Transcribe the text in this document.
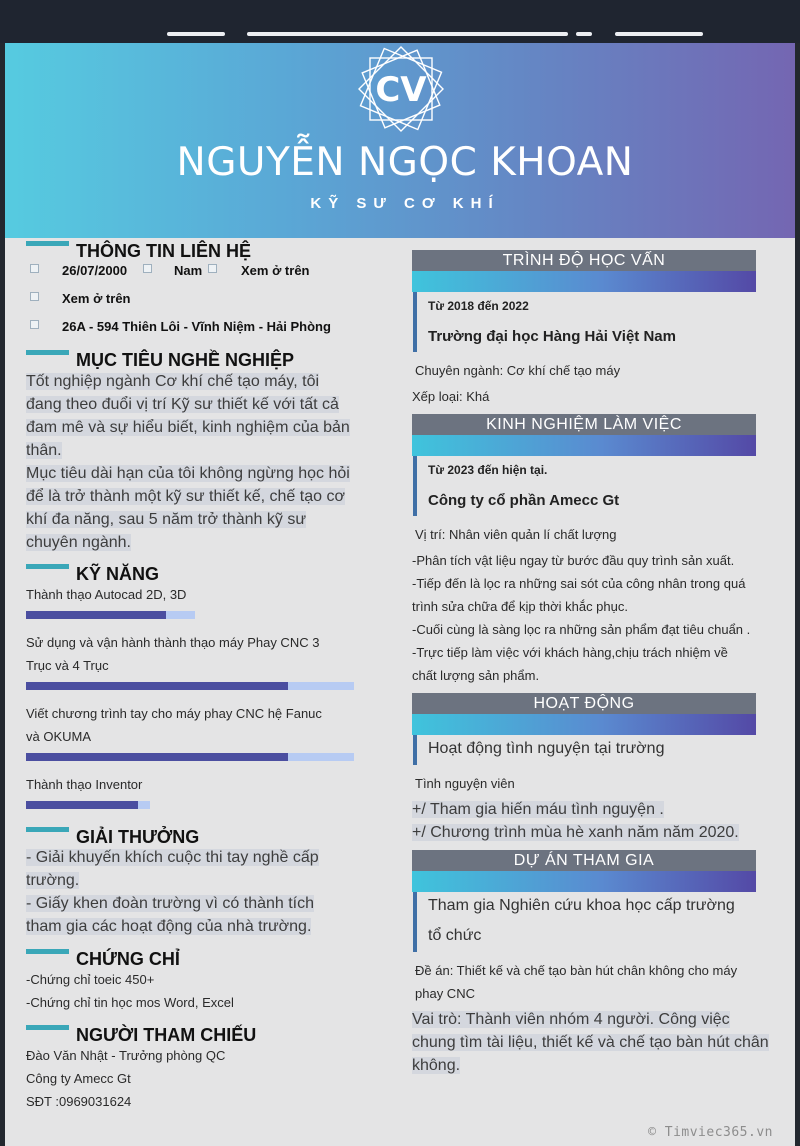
CV
NGUYỄN NGỌC KHOAN
KỸ SƯ CƠ KHÍ
THÔNG TIN LIÊN HỆ
26/07/2000	Nam	Xem ở trên
Xem ở trên
26A - 594 Thiên Lôi - Vĩnh Niệm - Hải Phòng
MỤC TIÊU NGHỀ NGHIỆP
Tốt nghiệp ngành Cơ khí chế tạo máy, tôi
đang theo đuổi vị trí Kỹ sư thiết kế với tất cả
đam mê và sự hiểu biết, kinh nghiệm của bản
thân.
Mục tiêu dài hạn của tôi không ngừng học hỏi
để là trở thành một kỹ sư thiết kế, chế tạo cơ
khí đa năng, sau 5 năm trở thành kỹ sư
chuyên ngành.
KỸ NĂNG
Thành thạo Autocad 2D, 3D
Sử dụng và vận hành thành thạo máy Phay CNC 3
Trục và 4 Trục
Viết chương trình tay cho máy phay CNC hệ Fanuc
và OKUMA
Thành thạo Inventor
GIẢI THƯỞNG
- Giải khuyến khích cuộc thi tay nghề cấp
trường.
- Giấy khen đoàn trường vì có thành tích
tham gia các hoạt động của nhà trường.
CHỨNG CHỈ
-Chứng chỉ toeic 450+
-Chứng chỉ tin học mos Word, Excel
NGƯỜI THAM CHIẾU
Đào Văn Nhật - Trưởng phòng QC
Công ty Amecc Gt
SĐT :0969031624
TRÌNH ĐỘ HỌC VẤN
Từ 2018 đến 2022
Trường đại học Hàng Hải Việt Nam
Chuyên ngành: Cơ khí chế tạo máy
Xếp loại: Khá
KINH NGHIỆM LÀM VIỆC
Từ 2023 đến hiện tại.
Công ty cổ phần Amecc Gt
Vị trí: Nhân viên quản lí chất lượng
-Phân tích vật liệu ngay từ bước đầu quy trình sản xuất.
-Tiếp đến là lọc ra những sai sót của công nhân trong quá
trình sửa chữa để kịp thời khắc phục.
-Cuối cùng là sàng lọc ra những sản phẩm đạt tiêu chuẩn .
-Trực tiếp làm việc với khách hàng,chịu trách nhiệm về
chất lượng sản phẩm.
HOẠT ĐỘNG
Hoạt động tình nguyện tại trường
Tình nguyện viên
+/ Tham gia hiến máu tình nguyện .
+/ Chương trình mùa hè xanh năm năm 2020.
DỰ ÁN THAM GIA
Tham gia Nghiên cứu khoa học cấp trường
tổ chức
Đề án: Thiết kế và chế tạo bàn hút chân không cho máy
phay CNC
Vai trò: Thành viên nhóm 4 người. Công việc
chung tìm tài liệu, thiết kế và chế tạo bàn hút chân
không.
© Timviec365.vn
